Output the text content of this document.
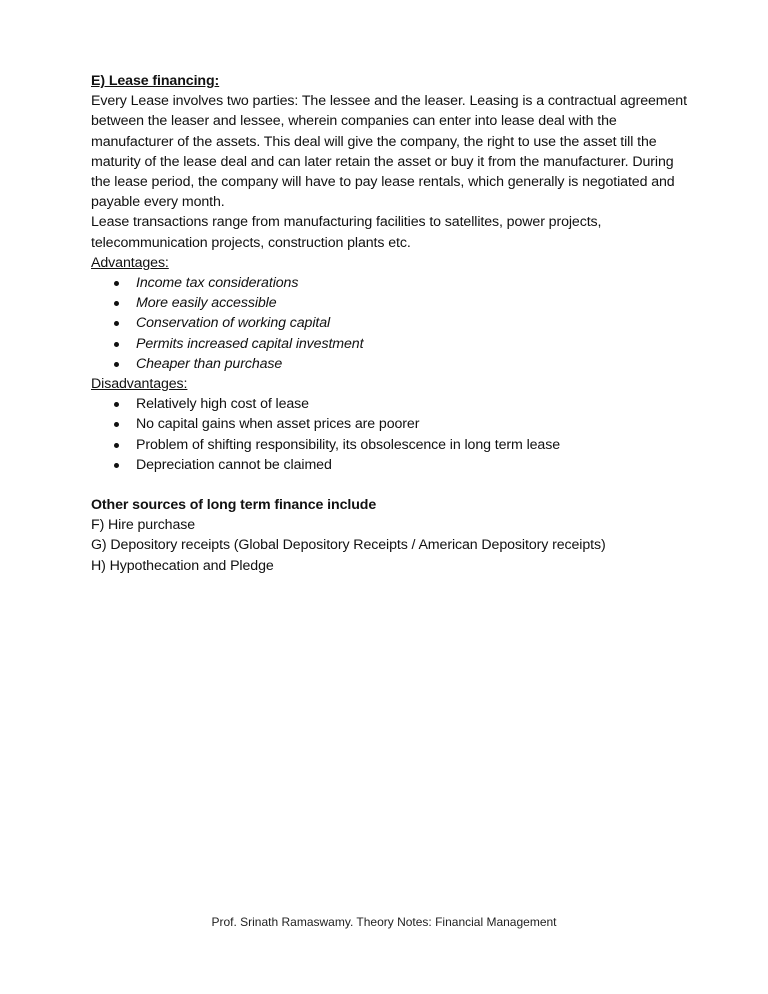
E) Lease financing:

Every Lease involves two parties: The lessee and the leaser. Leasing is a contractual agreement between the leaser and lessee, wherein companies can enter into lease deal with the manufacturer of the assets. This deal will give the company, the right to use the asset till the maturity of the lease deal and can later retain the asset or buy it from the manufacturer. During the lease period, the company will have to pay lease rentals, which generally is negotiated and payable every month.

Lease transactions range from manufacturing facilities to satellites, power projects, telecommunication projects, construction plants etc.

Advantages:

Income tax considerations
More easily accessible
Conservation of working capital
Permits increased capital investment
Cheaper than purchase

Disadvantages:

Relatively high cost of lease
No capital gains when asset prices are poorer
Problem of shifting responsibility, its obsolescence in long term lease
Depreciation cannot be claimed

Other sources of long term finance include

F) Hire purchase

G) Depository receipts (Global Depository Receipts / American Depository receipts)

H) Hypothecation and Pledge

Prof. Srinath Ramaswamy. Theory Notes: Financial Management
